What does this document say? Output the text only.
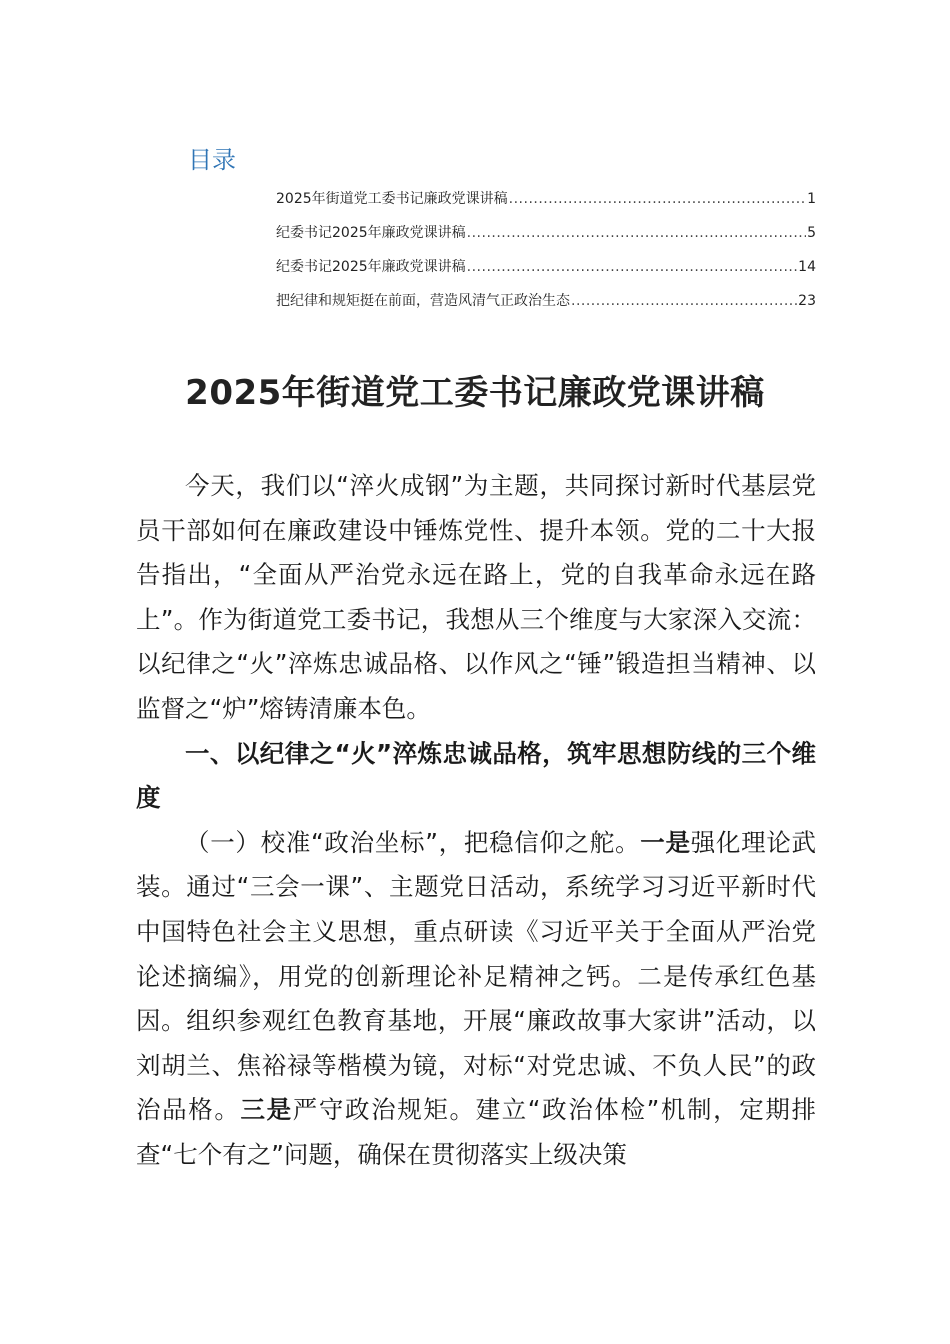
目录
2025年街道党工委书记廉政党课讲稿 .....	1
纪委书记2025年廉政党课讲稿 .....	5
纪委书记2025年廉政党课讲稿 .....	14
把纪律和规矩挺在前面，营造风清气正政治生态 .....	23
2025年街道党工委书记廉政党课讲稿

今天，我们以“淬火成钢”为主题，共同探讨新时代基层党员干部如何在廉政建设中锤炼党性、提升本领。党的二十大报告指出，“全面从严治党永远在路上，党的自我革命永远在路上”。作为街道党工委书记，我想从三个维度与大家深入交流：以纪律之“火”淬炼忠诚品格、以作风之“锤”锻造担当精神、以监督之“炉”熔铸清廉本色。

一、以纪律之“火”淬炼忠诚品格，筑牢思想防线的三个维度

（一）校准“政治坐标”，把稳信仰之舵。一是强化理论武装。通过“三会一课”、主题党日活动，系统学习习近平新时代中国特色社会主义思想，重点研读《习近平关于全面从严治党论述摘编》，用党的创新理论补足精神之钙。二是传承红色基因。组织参观红色教育基地，开展“廉政故事大家讲”活动，以刘胡兰、焦裕禄等楷模为镜，对标“对党忠诚、不负人民”的政治品格。三是严守政治规矩。建立“政治体检”机制，定期排查“七个有之”问题，确保在贯彻落实上级决策
